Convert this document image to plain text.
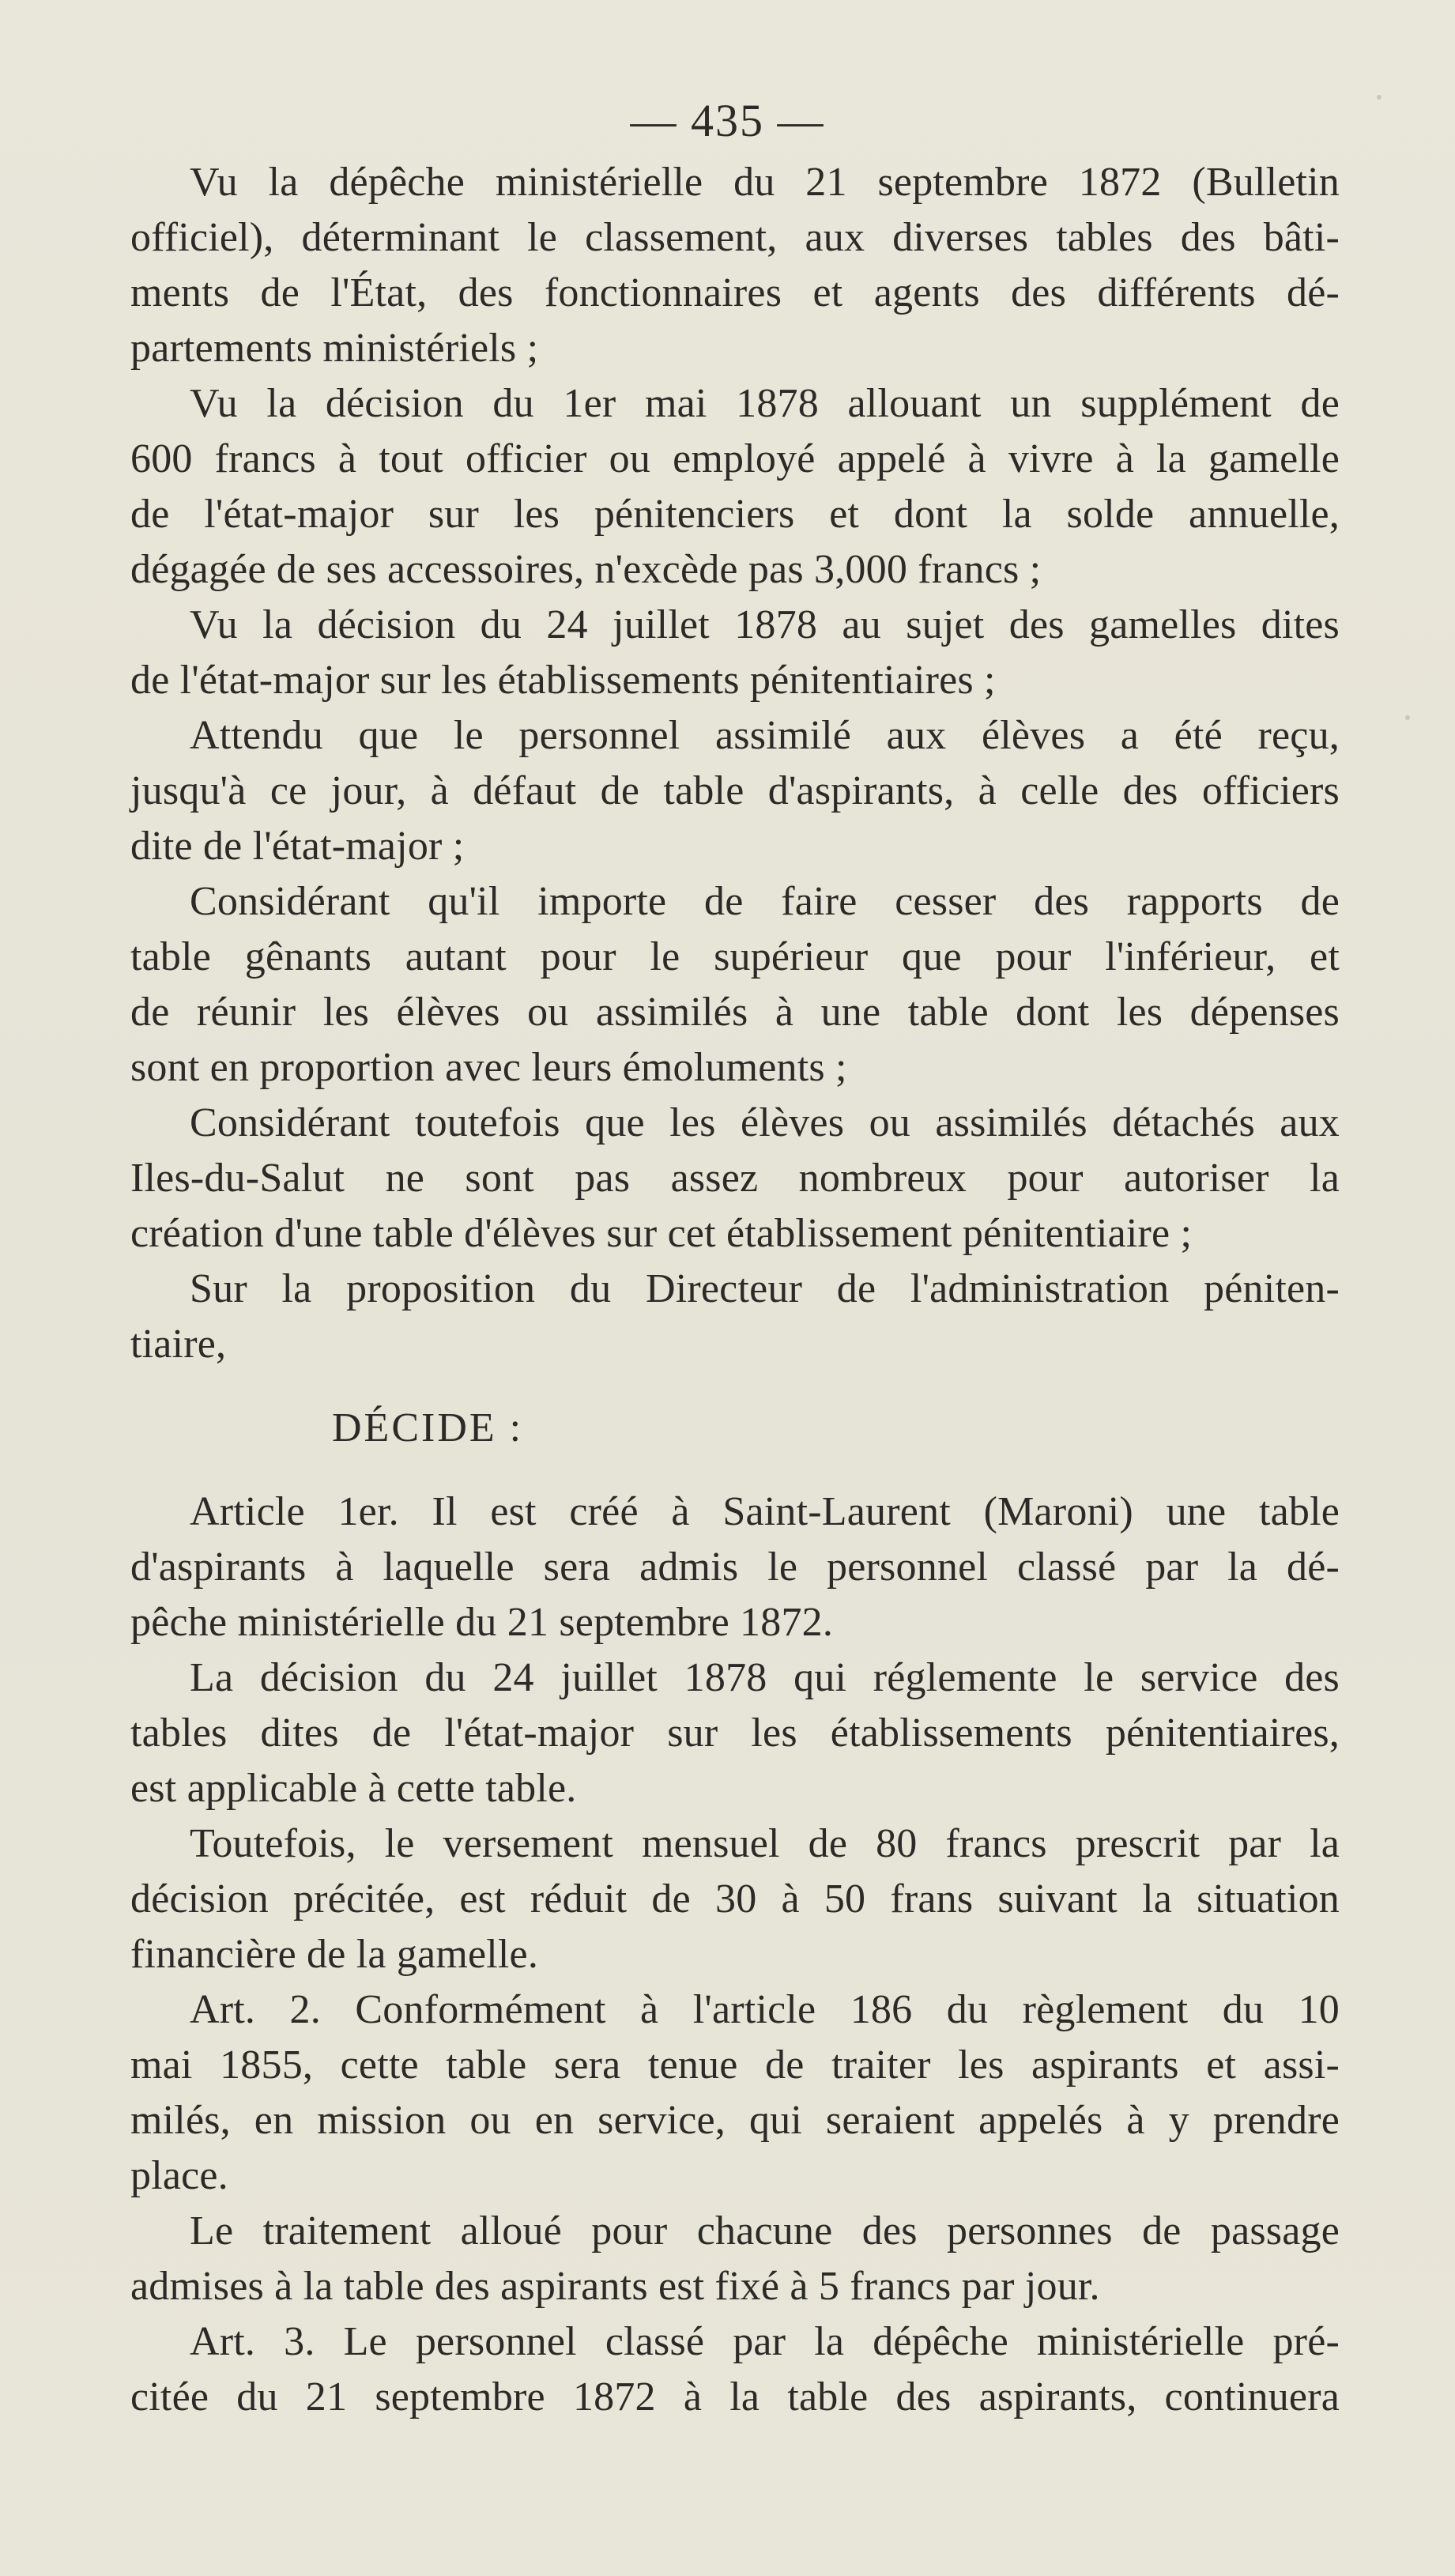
— 435 —
Vu la dépêche ministérielle du 21 septembre 1872 (Bulletin
officiel), déterminant le classement, aux diverses tables des bâti-
ments de l'État, des fonctionnaires et agents des différents dé-
partements ministériels ;
Vu la décision du 1er mai 1878 allouant un supplément de
600 francs à tout officier ou employé appelé à vivre à la gamelle
de l'état-major sur les pénitenciers et dont la solde annuelle,
dégagée de ses accessoires, n'excède pas 3,000 francs ;
Vu la décision du 24 juillet 1878 au sujet des gamelles dites
de l'état-major sur les établissements pénitentiaires ;
Attendu que le personnel assimilé aux élèves a été reçu,
jusqu'à ce jour, à défaut de table d'aspirants, à celle des officiers
dite de l'état-major ;
Considérant qu'il importe de faire cesser des rapports de
table gênants autant pour le supérieur que pour l'inférieur, et
de réunir les élèves ou assimilés à une table dont les dépenses
sont en proportion avec leurs émoluments ;
Considérant toutefois que les élèves ou assimilés détachés aux
Iles-du-Salut ne sont pas assez nombreux pour autoriser la
création d'une table d'élèves sur cet établissement pénitentiaire ;
Sur la proposition du Directeur de l'administration péniten-
tiaire,
DÉCIDE :
Article 1er. Il est créé à Saint-Laurent (Maroni) une table
d'aspirants à laquelle sera admis le personnel classé par la dé-
pêche ministérielle du 21 septembre 1872.
La décision du 24 juillet 1878 qui réglemente le service des
tables dites de l'état-major sur les établissements pénitentiaires,
est applicable à cette table.
Toutefois, le versement mensuel de 80 francs prescrit par la
décision précitée, est réduit de 30 à 50 frans suivant la situation
financière de la gamelle.
Art. 2. Conformément à l'article 186 du règlement du 10
mai 1855, cette table sera tenue de traiter les aspirants et assi-
milés, en mission ou en service, qui seraient appelés à y prendre
place.
Le traitement alloué pour chacune des personnes de passage
admises à la table des aspirants est fixé à 5 francs par jour.
Art. 3. Le personnel classé par la dépêche ministérielle pré-
citée du 21 septembre 1872 à la table des aspirants, continuera
